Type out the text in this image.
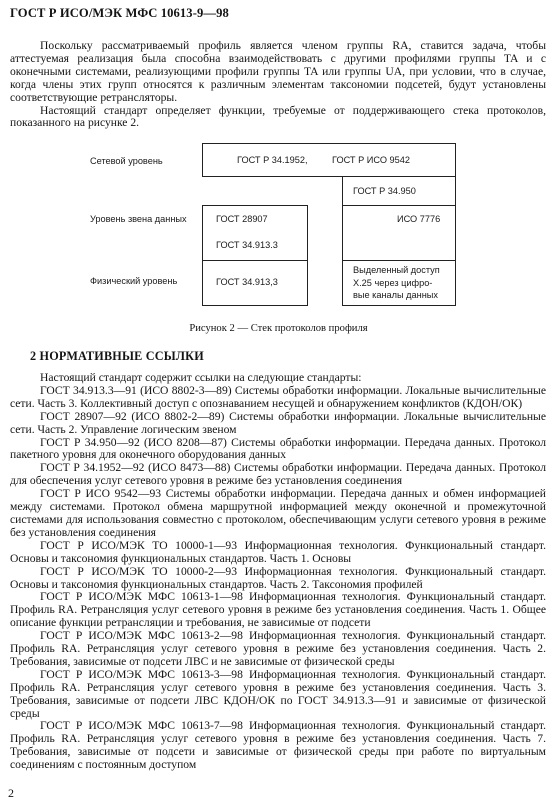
ГОСТ Р ИСО/МЭК МФС 10613-9—98

Поскольку рассматриваемый профиль является членом группы RA, ставится задача, чтобы аттестуемая реализация была способна взаимодействовать с другими профилями группы TA и с оконечными системами, реализующими профили группы TA или группы UA, при условии, что в случае, когда члены этих групп относятся к различным элементам таксономии подсетей, будут установлены соответствующие ретрансляторы.

Настоящий стандарт определяет функции, требуемые от поддерживающего стека протоколов, показанного на рисунке 2.

Сетевой уровень
Уровень звена данных
Физический уровень
ГОСТ Р 34.1952,	ГОСТ Р ИСО 9542
ГОСТ Р 34.950
ГОСТ 28907
ГОСТ 34.913.3
ИСО 7776
ГОСТ 34.913,3
Выделенный доступ
X.25 через цифро-
вые каналы данных
Рисунок 2 — Стек протоколов профиля
2 НОРМАТИВНЫЕ ССЫЛКИ

Настоящий стандарт содержит ссылки на следующие стандарты:

ГОСТ 34.913.3—91 (ИСО 8802-3—89) Системы обработки информации. Локальные вычислительные сети. Часть 3. Коллективный доступ с опознаванием несущей и обнаружением конфликтов (КДОН/ОК)

ГОСТ 28907—92 (ИСО 8802-2—89) Системы обработки информации. Локальные вычислительные сети. Часть 2. Управление логическим звеном

ГОСТ Р 34.950—92 (ИСО 8208—87) Системы обработки информации. Передача данных. Протокол пакетного уровня для оконечного оборудования данных

ГОСТ Р 34.1952—92 (ИСО 8473—88) Системы обработки информации. Передача данных. Протокол для обеспечения услуг сетевого уровня в режиме без установления соединения

ГОСТ Р ИСО 9542—93 Системы обработки информации. Передача данных и обмен информацией между системами. Протокол обмена маршрутной информацией между оконечной и промежуточной системами для использования совместно с протоколом, обеспечивающим услуги сетевого уровня в режиме без установления соединения

ГОСТ Р ИСО/МЭК ТО 10000-1—93 Информационная технология. Функциональный стандарт. Основы и таксономия функциональных стандартов. Часть 1. Основы

ГОСТ Р ИСО/МЭК ТО 10000-2—93 Информационная технология. Функциональный стандарт. Основы и таксономия функциональных стандартов. Часть 2. Таксономия профилей

ГОСТ Р ИСО/МЭК МФС 10613-1—98 Информационная технология. Функциональный стандарт. Профиль RA. Ретрансляция услуг сетевого уровня в режиме без установления соединения. Часть 1. Общее описание функции ретрансляции и требования, не зависимые от подсети

ГОСТ Р ИСО/МЭК МФС 10613-2—98 Информационная технология. Функциональный стандарт. Профиль RA. Ретрансляция услуг сетевого уровня в режиме без установления соединения. Часть 2. Требования, зависимые от подсети ЛВС и не зависимые от физической среды

ГОСТ Р ИСО/МЭК МФС 10613-3—98 Информационная технология. Функциональный стандарт. Профиль RA. Ретрансляция услуг сетевого уровня в режиме без установления соединения. Часть 3. Требования, зависимые от подсети ЛВС КДОН/ОК по ГОСТ 34.913.3—91 и зависимые от физической среды

ГОСТ Р ИСО/МЭК МФС 10613-7—98 Информационная технология. Функциональный стандарт. Профиль RA. Ретрансляция услуг сетевого уровня в режиме без установления соединения. Часть 7. Требования, зависимые от подсети и зависимые от физической среды при работе по виртуальным соединениям с постоянным доступом

2
